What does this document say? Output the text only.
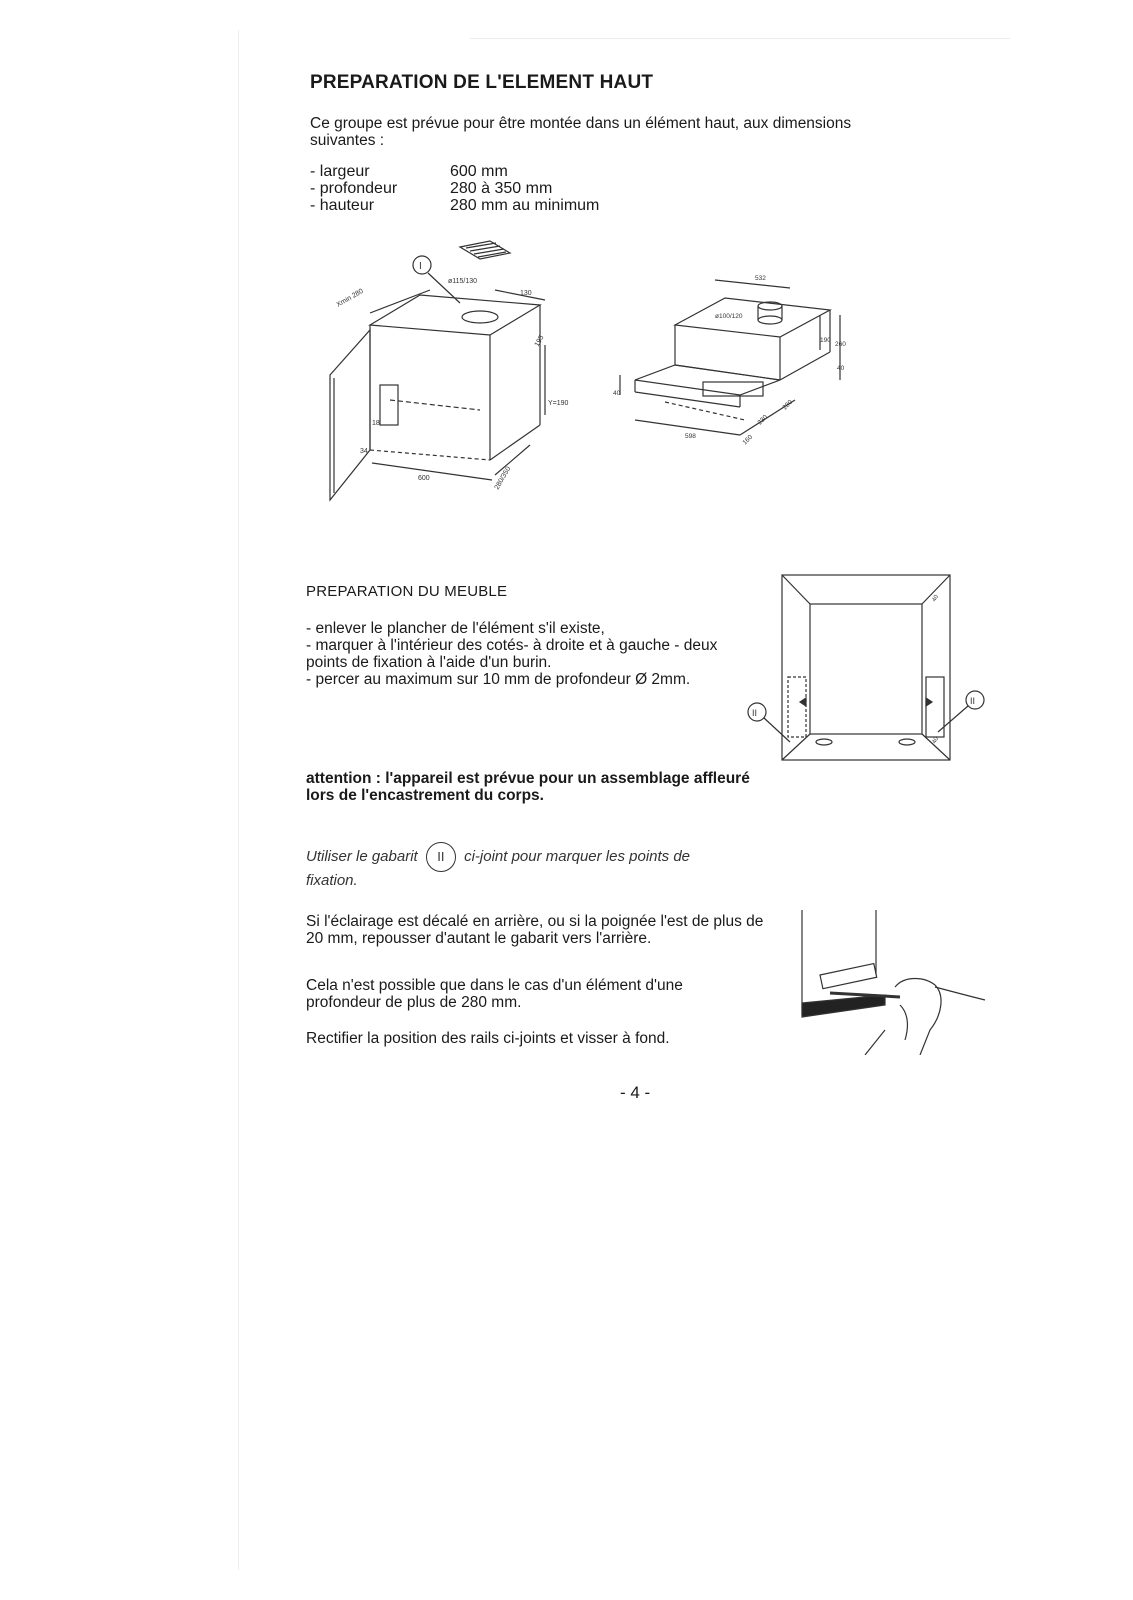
PREPARATION DE L'ELEMENT HAUT
Ce groupe est prévue pour être montée dans un élément haut, aux dimensions suivantes :
- largeur	600 mm
- profondeur	280 à 350 mm
- hauteur	280 mm au minimum
I
ø115/130
130
Xmin 280
195
Y=190
18
34
600	280/350
ø100/120
532
190
260
40
40
598	160
280
230
PREPARATION DU MEUBLE

- enlever le plancher de l'élément s'il existe,

- marquer à l'intérieur des cotés- à droite et à gauche - deux points de fixation à l'aide d'un burin.

- percer au maximum sur 10 mm de profondeur Ø 2mm.

II
II
40
40
attention : l'appareil est prévue pour un assemblage affleuré lors de l'encastrement du corps.
Utiliser le gabarit II ci-joint pour marquer les points de fixation.
Si l'éclairage est décalé en arrière, ou si la poignée l'est de plus de 20 mm, repousser d'autant le gabarit vers l'arrière.
Cela n'est possible que dans le cas d'un élément d'une profondeur de plus de 280 mm.
Rectifier la position des rails ci-joints et visser à fond.
- 4 -
